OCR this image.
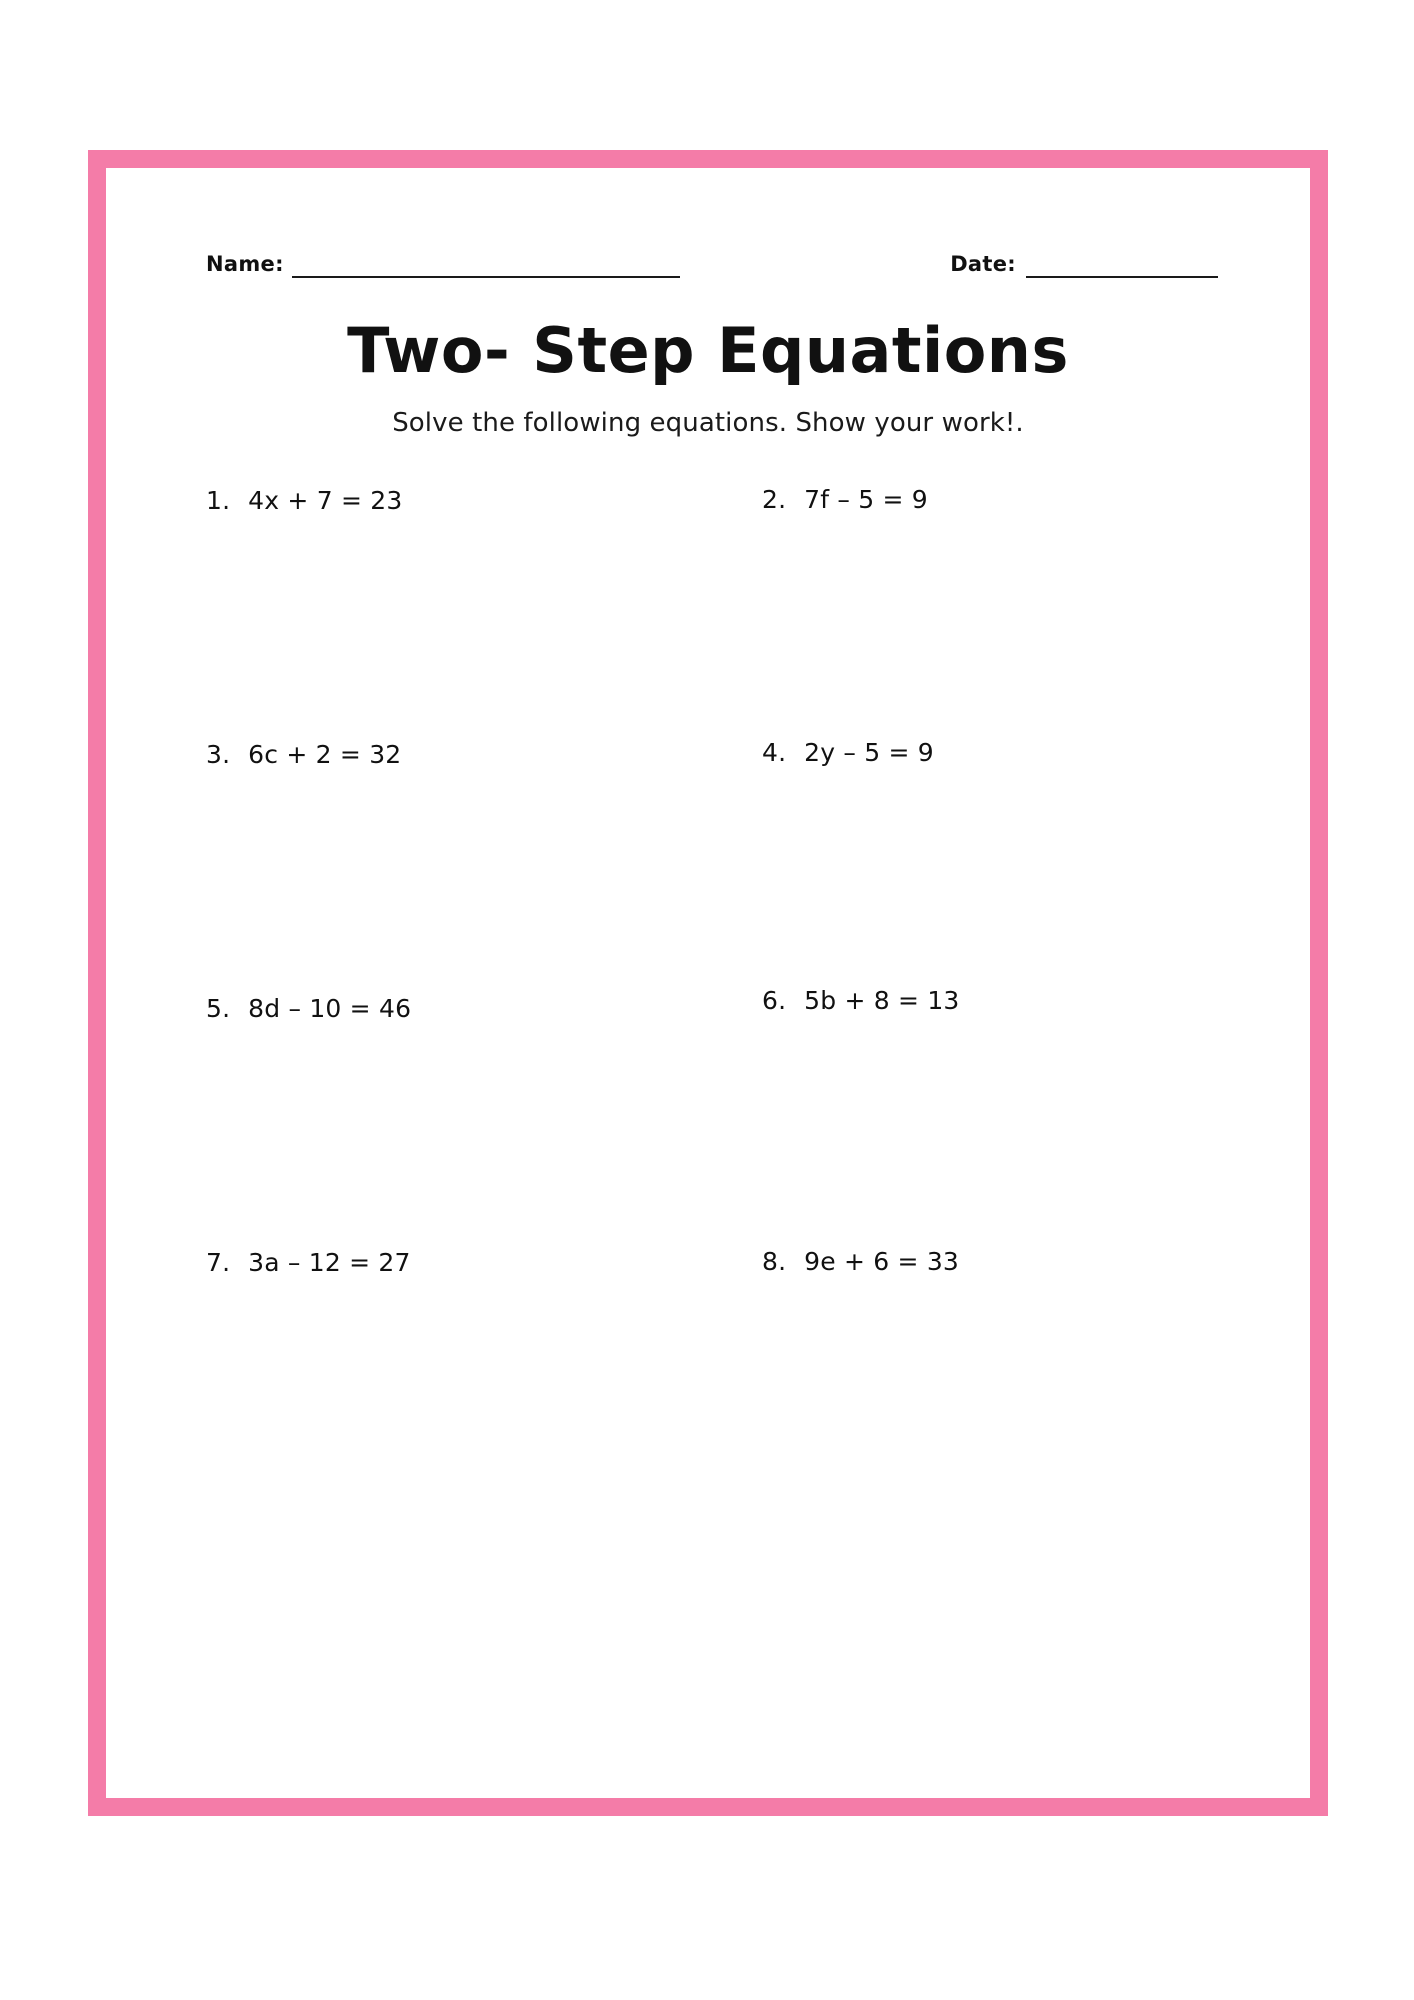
Name:	Date:
Two- Step Equations
Solve the following equations. Show your work!.
1. 4x + 7 = 23	2. 7f – 5 = 9
3. 6c + 2 = 32	4. 2y – 5 = 9
5. 8d – 10 = 46	6. 5b + 8 = 13
7. 3a – 12 = 27	8. 9e + 6 = 33
